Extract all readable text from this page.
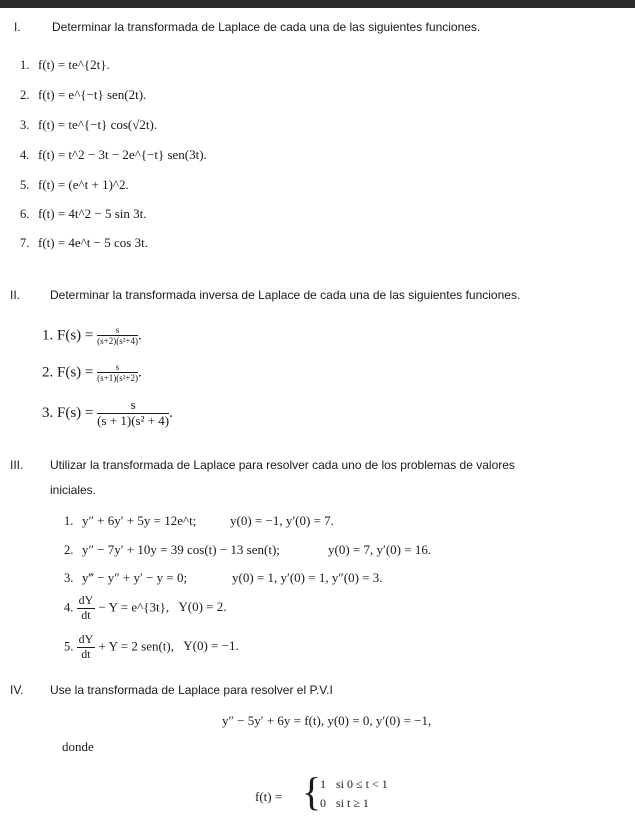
I.	Determinar la transformada de Laplace de cada una de las siguientes funciones.
1. f(t) = te^{2t}.
2. f(t) = e^{−t} sen(2t).
3. f(t) = te^{−t} cos(√2t).
4. f(t) = t^2 − 3t − 2e^{−t} sen(3t).
5. f(t) = (e^t + 1)^2.
6. f(t) = 4t^2 − 5 sin 3t.
7. f(t) = 4e^t − 5 cos 3t.
II. Determinar la transformada inversa de Laplace de cada una de las siguientes funciones.
1. $F(s) = \frac{s}{\text{(s+2)(s²+4)}}$ .
2. $F(s) = \frac{s}{\text{(s+1)(s²+2)}}$ .
3. $F(s) = \frac{s}{\text{(s + 1)(s² + 4)}}$ .
III. Utilizar la transformada de Laplace para resolver cada uno de los problemas de valores
iniciales.
1. y″ + 6y′ + 5y = 12e^t;	y(0) = −1, y′(0) = 7.
2. y″ − 7y′ + 10y = 39 cos(t) − 13 sen(t);	y(0) = 7, y′(0) = 16.
3. y‴ − y″ + y′ − y = 0;	y(0) = 1, y′(0) = 1, y″(0) = 3.
4. $\frac{dY}{dt} - Y$ = e^{3t}, Y(0) = 2.
5. $\frac{dY}{dt} + Y = 2$ sen(t), Y(0) = −1.
IV. Use la transformada de Laplace para resolver el P.V.I
y″ − 5y′ + 6y = f(t), y(0) = 0, y′(0) = −1,
donde
f(t) = {
1 si 0 ≤ t < 1
0 si t ≥ 1
